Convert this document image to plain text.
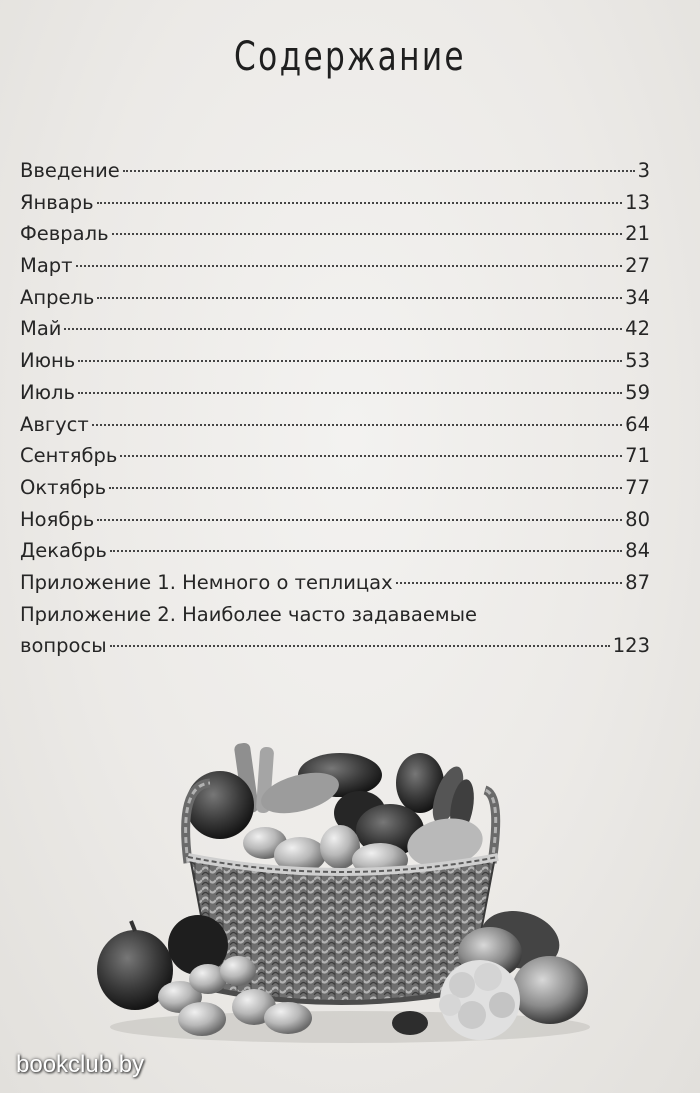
Содержание
Введение	3
Январь	13
Февраль	21
Март	27
Апрель	34
Май	42
Июнь	53
Июль	59
Август	64
Сентябрь	71
Октябрь	77
Ноябрь	80
Декабрь	84
Приложение 1. Немного о теплицах	87
Приложение 2. Наиболее часто задаваемые
вопросы	123
bookclub.by
